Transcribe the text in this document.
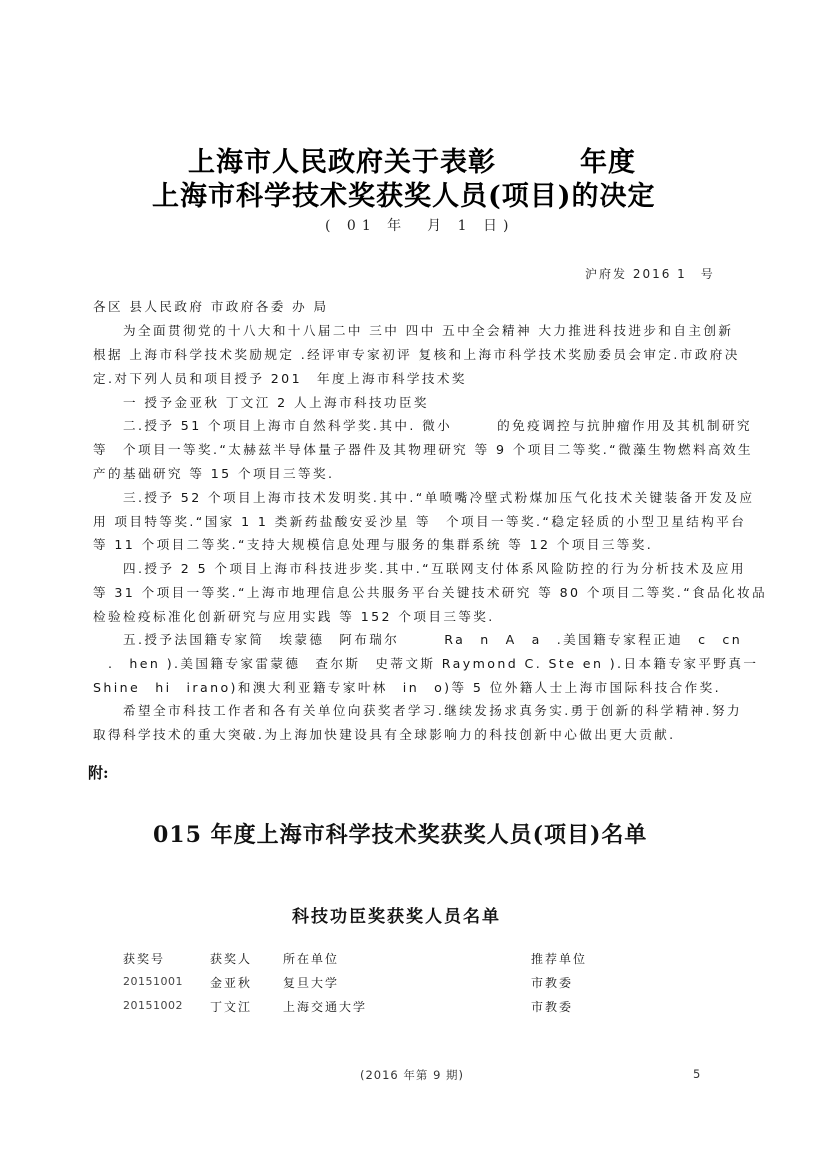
上海市人民政府关于表彰　　　年度
上海市科学技术奖获奖人员(项目)的决定
( 01 年　月 1 日)
沪府发 2016 1　号
各区 县人民政府 市政府各委 办 局
　　为全面贯彻党的十八大和十八届二中 三中 四中 五中全会精神 大力推进科技进步和自主创新
根据 上海市科学技术奖励规定 .经评审专家初评 复核和上海市科学技术奖励委员会审定.市政府决
定.对下列人员和项目授予 201　年度上海市科学技术奖
　　一 授予金亚秋 丁文江 2 人上海市科技功臣奖
　　二.授予 51 个项目上海市自然科学奖.其中. 微小　　　的免疫调控与抗肿瘤作用及其机制研究
等　个项目一等奖.“太赫兹半导体量子器件及其物理研究 等 9 个项目二等奖.“微藻生物燃料高效生
产的基础研究 等 15 个项目三等奖.
　　三.授予 52 个项目上海市技术发明奖.其中.“单喷嘴冷壁式粉煤加压气化技术关键装备开发及应
用 项目特等奖.“国家 1 1 类新药盐酸安妥沙星 等　个项目一等奖.“稳定轻质的小型卫星结构平台
等 11 个项目二等奖.“支持大规模信息处理与服务的集群系统 等 12 个项目三等奖.
　　四.授予 2 5 个项目上海市科技进步奖.其中.“互联网支付体系风险防控的行为分析技术及应用
等 31 个项目一等奖.“上海市地理信息公共服务平台关键技术研究 等 80 个项目二等奖.“食品化妆品
检验检疫标准化创新研究与应用实践 等 152 个项目三等奖.
　　五.授予法国籍专家简　埃蒙德　阿布瑞尔　　　Ra　n　A　a　.美国籍专家程正迪　c　cn
　.　hen ).美国籍专家雷蒙德　查尔斯　史蒂文斯 Raymond C. Ste en ).日本籍专家平野真一
Shine　hi　irano)和澳大利亚籍专家叶林　in　o)等 5 位外籍人士上海市国际科技合作奖.
　　希望全市科技工作者和各有关单位向获奖者学习.继续发扬求真务实.勇于创新的科学精神.努力
取得科学技术的重大突破.为上海加快建设具有全球影响力的科技创新中心做出更大贡献.
附:
015 年度上海市科学技术奖获奖人员(项目)名单
科技功臣奖获奖人员名单
获奖号	获奖人	所在单位	推荐单位
20151001 金亚秋	复旦大学	市教委
20151002 丁文江	上海交通大学	市教委
(2016 年第 9 期)	5
